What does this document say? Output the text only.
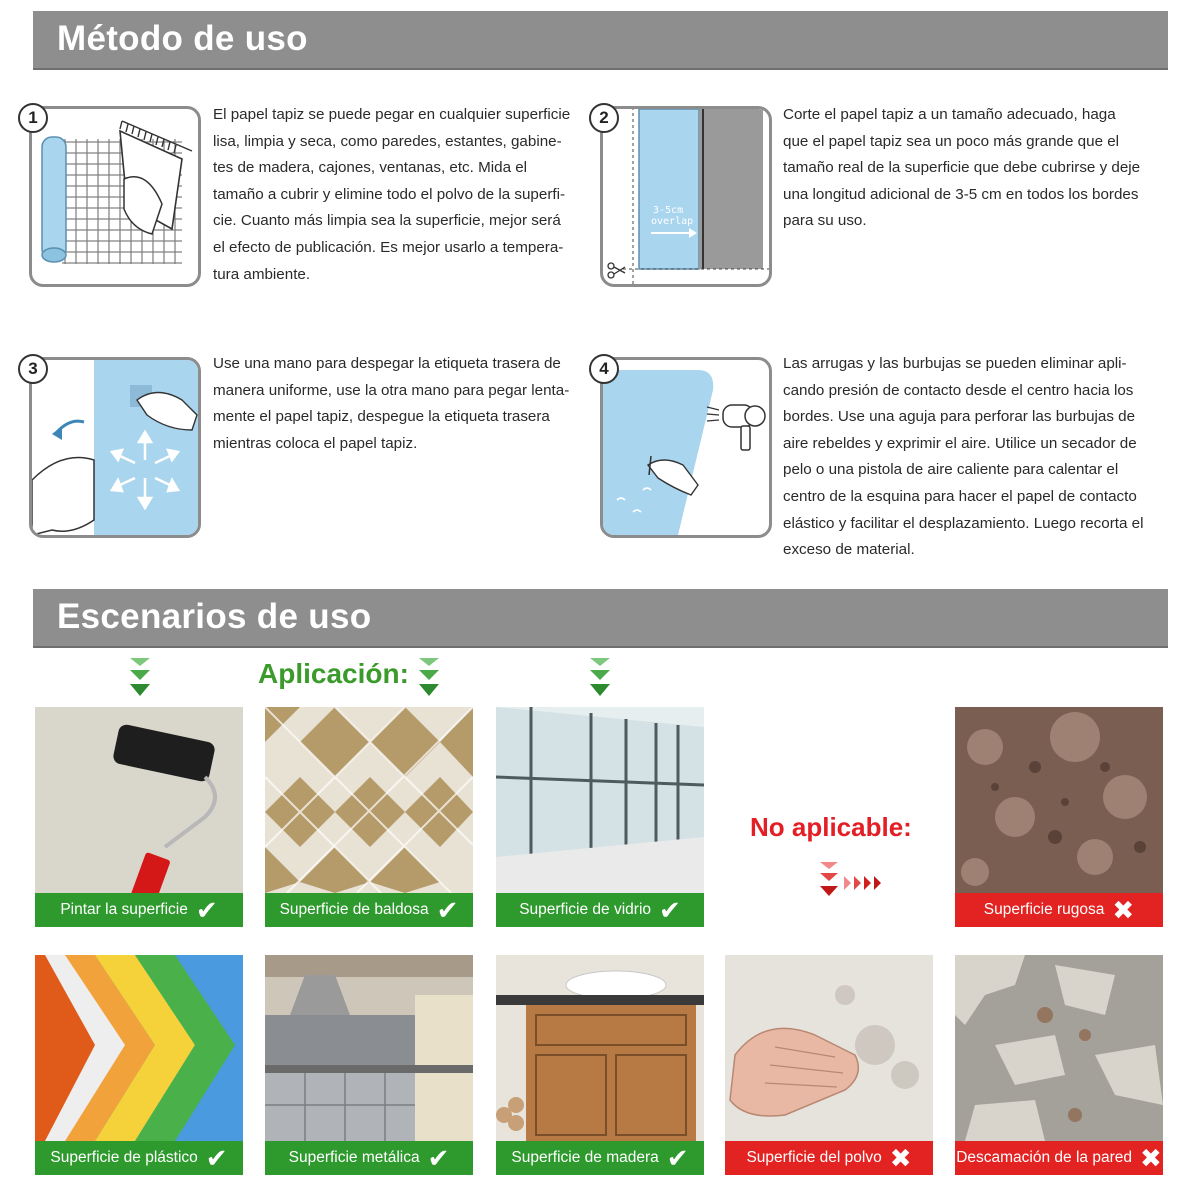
Método de uso
1	El papel tapiz se puede pegar en cualquier superficie
lisa, limpia y seca, como paredes, estantes, gabine-
tes de madera, cajones, ventanas, etc. Mida el
tamaño a cubrir y elimine todo el polvo de la superfi-
cie. Cuanto más limpia sea la superficie, mejor será
el efecto de publicación. Es mejor usarlo a tempera-
tura ambiente.
3-5cm
overlap
2	Corte el papel tapiz a un tamaño adecuado, haga
que el papel tapiz sea un poco más grande que el
tamaño real de la superficie que debe cubrirse y deje
una longitud adicional de 3-5 cm en todos los bordes
para su uso.
3	Use una mano para despegar la etiqueta trasera de
manera uniforme, use la otra mano para pegar lenta-
mente el papel tapiz, despegue la etiqueta trasera
mientras coloca el papel tapiz.
4	Las arrugas y las burbujas se pueden eliminar apli-
cando presión de contacto desde el centro hacia los
bordes. Use una aguja para perforar las burbujas de
aire rebeldes y exprimir el aire. Utilice un secador de
pelo o una pistola de aire caliente para calentar el
centro de la esquina para hacer el papel de contacto
elástico y facilitar el desplazamiento. Luego recorta el
exceso de material.
Escenarios de uso
Aplicación:
No aplicable:
Pintar la superficie ✔	Superficie de baldosa ✔	Superficie de vidrio ✔	Superficie rugosa ✖
Superficie de plástico ✔	Superficie metálica ✔	Superficie de madera ✔	Superficie del polvo ✖	Descamación de la pared ✖
